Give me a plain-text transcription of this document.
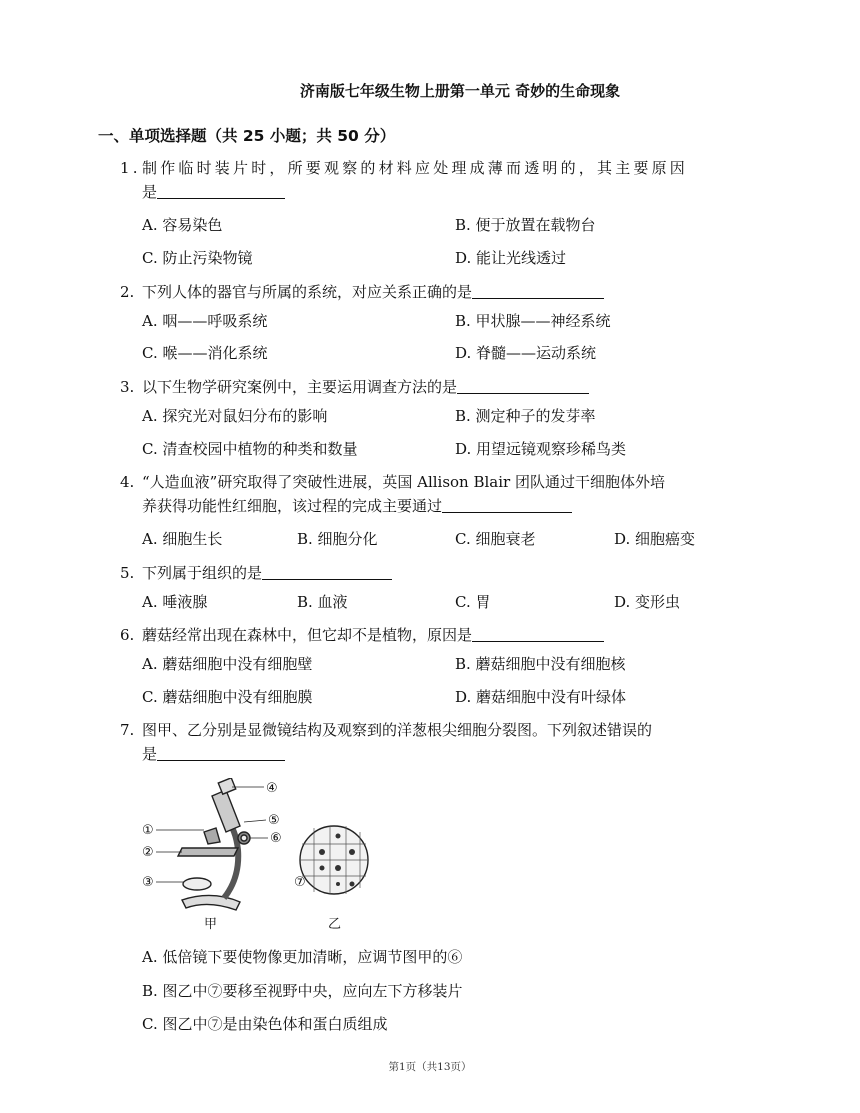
济南版七年级生物上册第一单元 奇妙的生命现象
一、单项选择题（共 25 小题；共 50 分）
1.制作临时装片时，所要观察的材料应处理成薄而透明的，其主要原因
是
A. 容易染色	B. 便于放置在载物台
C. 防止污染物镜	D. 能让光线透过
2. 下列人体的器官与所属的系统，对应关系正确的是
A. 咽——呼吸系统	B. 甲状腺——神经系统
C. 喉——消化系统	D. 脊髓——运动系统
3. 以下生物学研究案例中，主要运用调查方法的是
A. 探究光对鼠妇分布的影响	B. 测定种子的发芽率
C. 清查校园中植物的种类和数量	D. 用望远镜观察珍稀鸟类
4. “人造血液”研究取得了突破性进展，英国 Allison Blair 团队通过干细胞体外培
养获得功能性红细胞，该过程的完成主要通过
A. 细胞生长	B. 细胞分化	C. 细胞衰老	D. 细胞癌变
5. 下列属于组织的是
A. 唾液腺	B. 血液	C. 胃	D. 变形虫
6. 蘑菇经常出现在森林中，但它却不是植物，原因是
A. 蘑菇细胞中没有细胞壁	B. 蘑菇细胞中没有细胞核
C. 蘑菇细胞中没有细胞膜	D. 蘑菇细胞中没有叶绿体
7. 图甲、乙分别是显微镜结构及观察到的洋葱根尖细胞分裂图。下列叙述错误的
是
①
②
③
④
⑤
⑥
⑦
甲	乙
A. 低倍镜下要使物像更加清晰，应调节图甲的⑥
B. 图乙中⑦要移至视野中央，应向左下方移装片
C. 图乙中⑦是由染色体和蛋白质组成
第1页（共13页）
